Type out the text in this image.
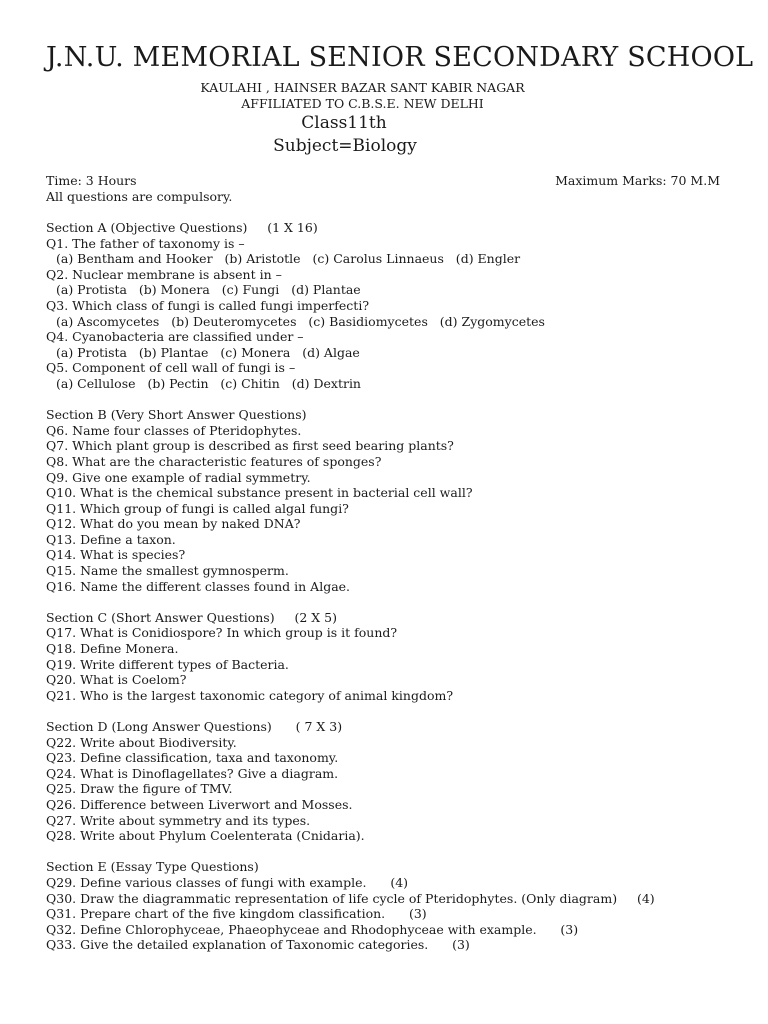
J.N.U. MEMORIAL SENIOR SECONDARY SCHOOL
KAULAHI , HAINSER BAZAR SANT KABIR NAGAR
AFFILIATED TO C.B.S.E. NEW DELHI
Class11th
Subject=Biology
Time: 3 Hours	Maximum Marks: 70 M.M
All questions are compulsory.
Section A (Objective Questions)     (1 X 16)
Q1. The father of taxonomy is –
(a) Bentham and Hooker   (b) Aristotle   (c) Carolus Linnaeus   (d) Engler
Q2. Nuclear membrane is absent in –
(a) Protista   (b) Monera   (c) Fungi   (d) Plantae
Q3. Which class of fungi is called fungi imperfecti?
(a) Ascomycetes   (b) Deuteromycetes   (c) Basidiomycetes   (d) Zygomycetes
Q4. Cyanobacteria are classified under –
(a) Protista   (b) Plantae   (c) Monera   (d) Algae
Q5. Component of cell wall of fungi is –
(a) Cellulose   (b) Pectin   (c) Chitin   (d) Dextrin
Section B (Very Short Answer Questions)
Q6. Name four classes of Pteridophytes.
Q7. Which plant group is described as first seed bearing plants?
Q8. What are the characteristic features of sponges?
Q9. Give one example of radial symmetry.
Q10. What is the chemical substance present in bacterial cell wall?
Q11. Which group of fungi is called algal fungi?
Q12. What do you mean by naked DNA?
Q13. Define a taxon.
Q14. What is species?
Q15. Name the smallest gymnosperm.
Q16. Name the different classes found in Algae.
Section C (Short Answer Questions)     (2 X 5)
Q17. What is Conidiospore? In which group is it found?
Q18. Define Monera.
Q19. Write different types of Bacteria.
Q20. What is Coelom?
Q21. Who is the largest taxonomic category of animal kingdom?
Section D (Long Answer Questions)      ( 7 X 3)
Q22. Write about Biodiversity.
Q23. Define classification, taxa and taxonomy.
Q24. What is Dinoflagellates? Give a diagram.
Q25. Draw the figure of TMV.
Q26. Difference between Liverwort and Mosses.
Q27. Write about symmetry and its types.
Q28. Write about Phylum Coelenterata (Cnidaria).
Section E (Essay Type Questions)
Q29. Define various classes of fungi with example.      (4)
Q30. Draw the diagrammatic representation of life cycle of Pteridophytes. (Only diagram)     (4)
Q31. Prepare chart of the five kingdom classification.      (3)
Q32. Define Chlorophyceae, Phaeophyceae and Rhodophyceae with example.      (3)
Q33. Give the detailed explanation of Taxonomic categories.      (3)
